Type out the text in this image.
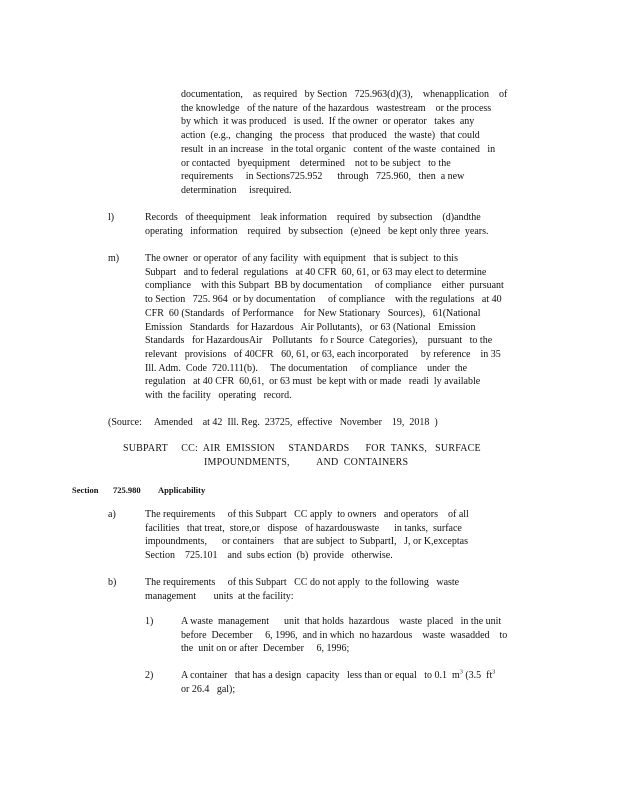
documentation,    as required   by Section   725.963(d)(3),    whenapplication    of
the knowledge   of the nature  of the hazardous   wastestream    or the process
by which  it was produced   is used.  If the owner  or operator   takes  any
action  (e.g.,  changing   the process   that produced   the waste)  that could
result  in an increase   in the total organic   content  of the waste  contained   in
or contacted   byequipment    determined    not to be subject   to the
requirements     in Sections725.952      through   725.960,   then  a new
determination     isrequired.
l)	Records   of theequipment    leak information    required   by subsection    (d)andthe
operating   information    required   by subsection   (e)need   be kept only three  years.
m)	The owner  or operator  of any facility  with equipment   that is subject  to this
Subpart   and to federal  regulations   at 40 CFR  60, 61, or 63 may elect to determine
compliance    with this Subpart  BB by documentation     of compliance    either  pursuant
to Section   725. 964  or by documentation     of compliance    with the regulations   at 40
CFR  60 (Standards   of Performance    for New Stationary   Sources),   61(National
Emission   Standards   for Hazardous   Air Pollutants),   or 63 (National   Emission
Standards   for HazardousAir    Pollutants   fo r Source  Categories),    pursuant   to the
relevant   provisions   of 40CFR   60, 61, or 63, each incorporated     by reference    in 35
Ill. Adm.  Code  720.111(b).     The documentation     of compliance    under  the
regulation   at 40 CFR  60,61,  or 63 must  be kept with or made   readi  ly available
with  the facility   operating   record.
(Source:     Amended    at 42  Ill. Reg.  23725,  effective   November    19,  2018  )
SUBPART     CC:  AIR  EMISSION     STANDARDS      FOR  TANKS,   SURFACE
IMPOUNDMENTS,          AND  CONTAINERS
Section 725.980 Applicability
a)	The requirements     of this Subpart   CC apply  to owners   and operators    of all
facilities   that treat,  store,or   dispose   of hazardouswaste      in tanks,  surface
impoundments,      or containers    that are subject  to SubpartI,   J, or K,exceptas
Section    725.101    and  subs ection  (b)  provide   otherwise.
b)	The requirements     of this Subpart   CC do not apply  to the following   waste
management       units  at the facility:
1)	A waste  management      unit  that holds  hazardous    waste  placed   in the unit
before  December     6, 1996,  and in which  no hazardous    waste  wasadded    to
the  unit on or after  December     6, 1996;
2)	A container   that has a design  capacity   less than or equal   to 0.1  $m^3$ (3.5  $ft^3$
or 26.4   gal);
